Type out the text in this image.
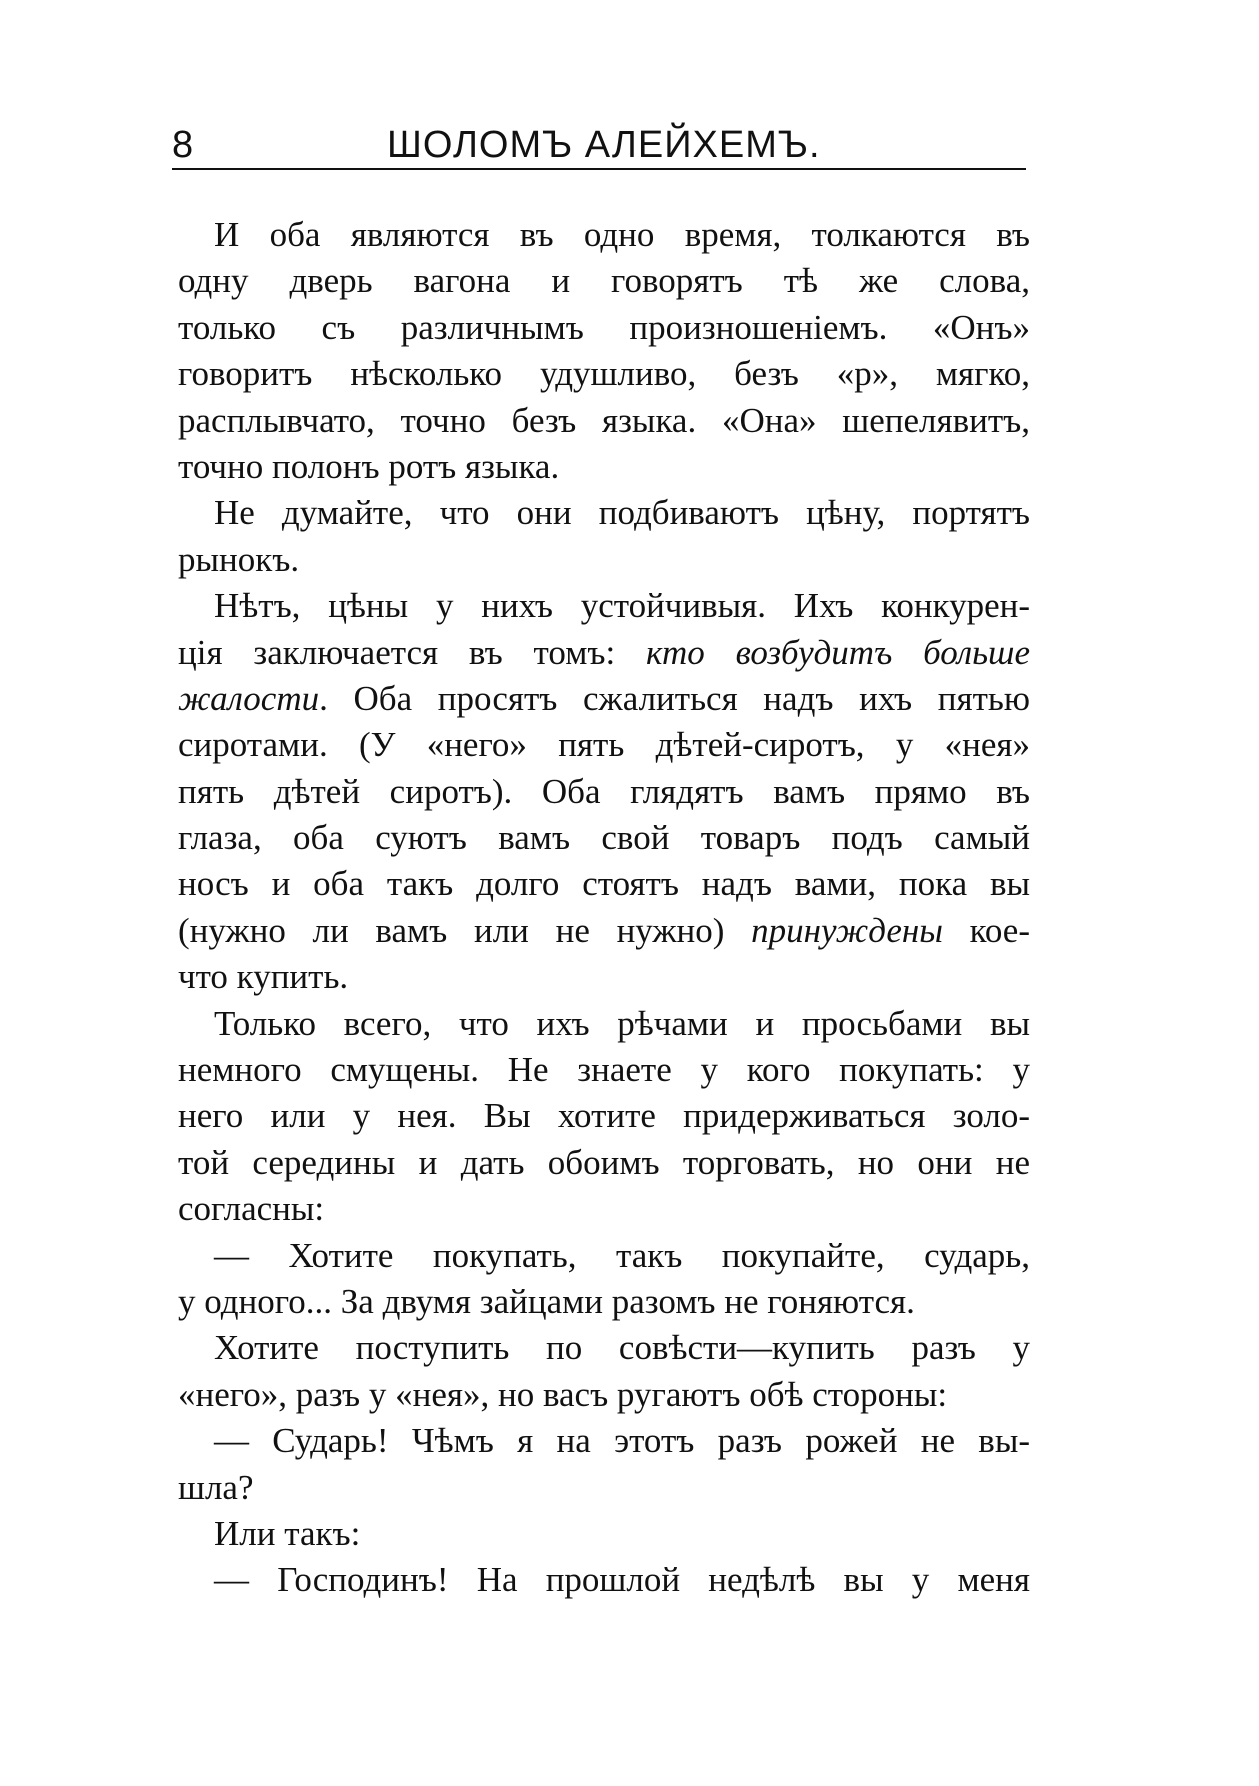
8	ШОЛОМЪ АЛЕЙХЕМЪ.
И оба являются въ одно время, толкаются въ
одну дверь вагона и говорятъ тѣ же слова,
только съ различнымъ произношеніемъ. «Онъ»
говоритъ нѣсколько удушливо, безъ «р», мягко,
расплывчато, точно безъ языка. «Она» шепелявитъ,
точно полонъ ротъ языка.
Не думайте, что они подбиваютъ цѣну, портятъ
рынокъ.
Нѣтъ, цѣны у нихъ устойчивыя. Ихъ конкурен-
ція заключается въ томъ: кто возбудитъ больше
жалости. Оба просятъ сжалиться надъ ихъ пятью
сиротами. (У «него» пять дѣтей-сиротъ, у «нея»
пять дѣтей сиротъ). Оба глядятъ вамъ прямо въ
глаза, оба суютъ вамъ свой товаръ подъ самый
носъ и оба такъ долго стоятъ надъ вами, пока вы
(нужно ли вамъ или не нужно) принуждены кое-
что купить.
Только всего, что ихъ рѣчами и просьбами вы
немного смущены. Не знаете у кого покупать: у
него или у нея. Вы хотите придерживаться золо-
той середины и дать обоимъ торговать, но они не
согласны:
— Хотите покупать, такъ покупайте, сударь,
у одного... За двумя зайцами разомъ не гоняются.
Хотите поступить по совѣсти—купить разъ у
«него», разъ у «нея», но васъ ругаютъ обѣ стороны:
— Сударь! Чѣмъ я на этотъ разъ рожей не вы-
шла?
Или такъ:
— Господинъ! На прошлой недѣлѣ вы у меня
